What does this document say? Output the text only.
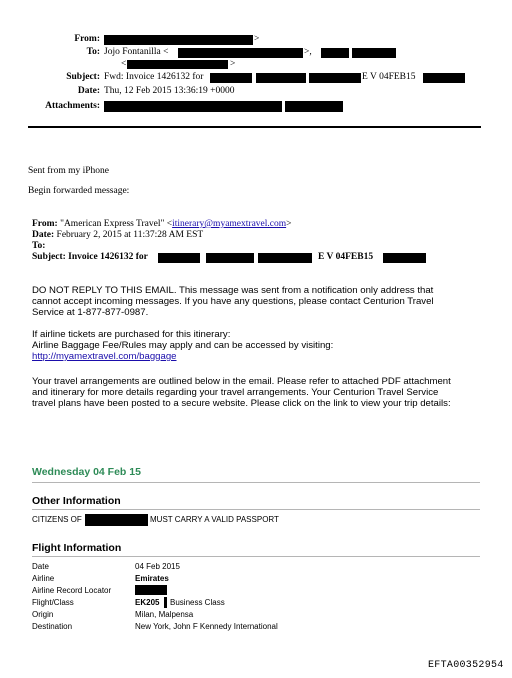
From:	>
To: Jojo Fontanilla <	>,
<	>
Subject: Fwd: Invoice 1426132 for	E V 04FEB15
Date: Thu, 12 Feb 2015 13:36:19 +0000
Attachments:
Sent from my iPhone
Begin forwarded message:
From: "American Express Travel" <itinerary@myamextravel.com>
Date: February 2, 2015 at 11:37:28 AM EST
To:
Subject: Invoice 1426132 for	E V 04FEB15
DO NOT REPLY TO THIS EMAIL. This message was sent from a notification only address that
cannot accept incoming messages. If you have any questions, please contact Centurion Travel
Service at 1-877-877-0987.
If airline tickets are purchased for this itinerary:
Airline Baggage Fee/Rules may apply and can be accessed by visiting:
http://myamextravel.com/baggage
Your travel arrangements are outlined below in the email. Please refer to attached PDF attachment
and itinerary for more details regarding your travel arrangements. Your Centurion Travel Service
travel plans have been posted to a secure website. Please click on the link to view your trip details:
Wednesday 04 Feb 15
Other Information
CITIZENS OF	MUST CARRY A VALID PASSPORT
Flight Information
Date	04 Feb 2015
Airline	Emirates
Airline Record Locator
Flight/Class	EK205 Business Class
Origin	Milan, Malpensa
Destination	New York, John F Kennedy International
EFTA00352954
